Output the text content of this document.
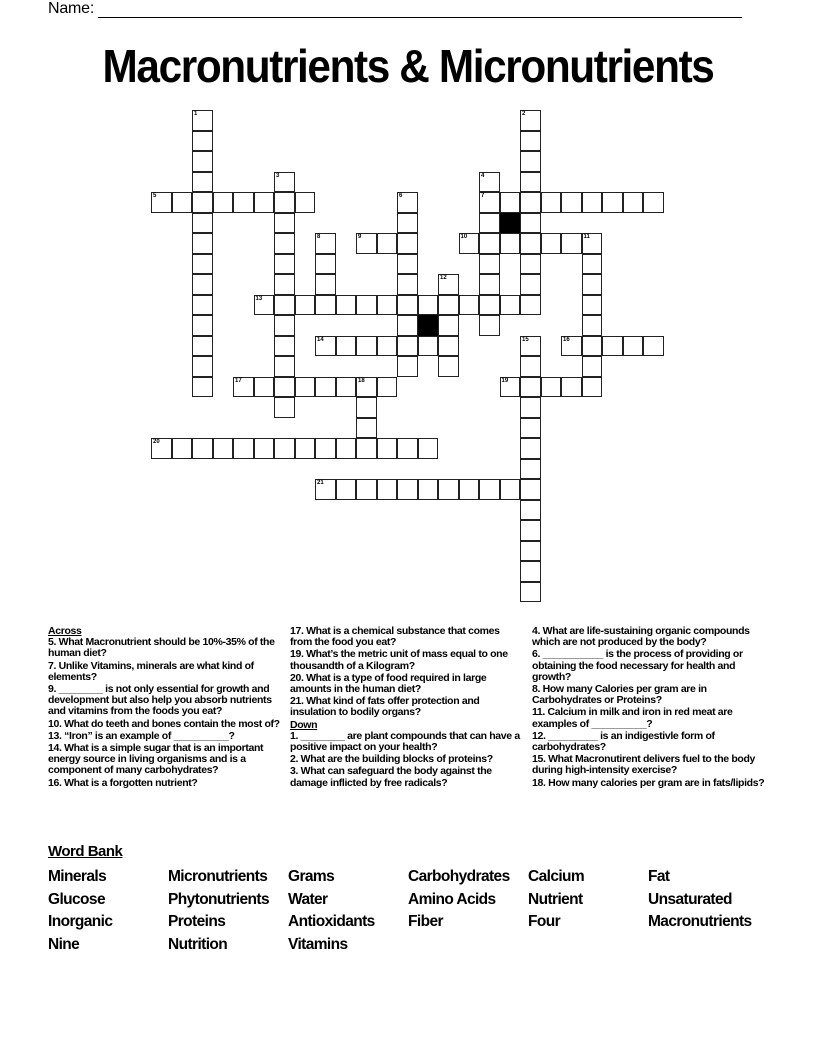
Name:
Macronutrients & Micronutrients
1	2
3	4
7
5	6
8	9	10	11
12
13
14	15	16
17	18	19
20
21
Across
5. What Macronutrient should be 10%-35% of the human diet?
7. Unlike Vitamins, minerals are what kind of elements?
9. ________ is not only essential for growth and development but also help you absorb nutrients and vitamins from the foods you eat?
10. What do teeth and bones contain the most of?
13. “Iron” is an example of __________?
14. What is a simple sugar that is an important energy source in living organisms and is a component of many carbohydrates?
16. What is a forgotten nutrient?
17. What is a chemical substance that comes from the food you eat?
19. What’s the metric unit of mass equal to one thousandth of a Kilogram?
20. What is a type of food required in large amounts in the human diet?
21. What kind of fats offer protection and insulation to bodily organs?
Down
1. ________ are plant compounds that can have a positive impact on your health?
2. What are the building blocks of proteins?
3. What can safeguard the body against the damage inflicted by free radicals?
4. What are life-sustaining organic compounds which are not produced by the body?
6. ___________ is the process of providing or obtaining the food necessary for health and growth?
8. How many Calories per gram are in Carbohydrates or Proteins?
11. Calcium in milk and iron in red meat are examples of __________?
12. _________ is an indigestivle form of carbohydrates?
15. What Macronutirent delivers fuel to the body during high-intensity exercise?
18. How many calories per gram are in fats/lipids?
Word Bank
Minerals	Micronutrients	Grams	Carbohydrates	Calcium	Fat
Glucose	Phytonutrients	Water	Amino Acids	Nutrient	Unsaturated
Inorganic	Proteins	Antioxidants	Fiber	Four	Macronutrients
Nine	Nutrition	Vitamins
